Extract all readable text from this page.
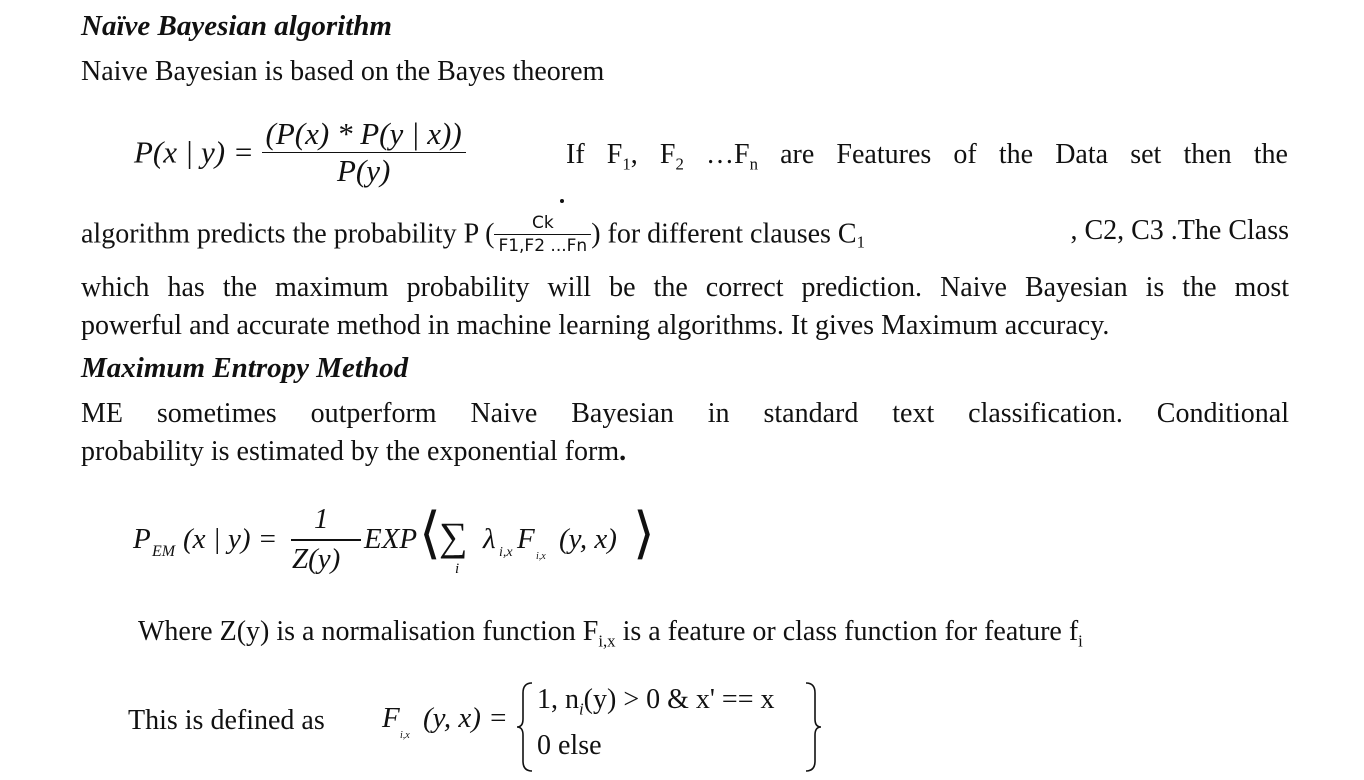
Naïve Bayesian algorithm
Naive Bayesian is based on the Bayes theorem
P(x | $y) = \frac{(P(x) * P(y | x))}{P(y)}$	If $F_1$, $F_2$ $\dots F_n$ are Features of the Data set then the
algorithm predicts the probability P ( $\frac{Ck}{F1,F2 ...Fn}$ ) for different clauses $C_1$	, C2, C3 .The Class
which has the maximum probability will be the correct prediction. Naive Bayesian is the most
powerful and accurate method in machine learning algorithms. It gives Maximum accuracy.
Maximum Entropy Method
ME sometimes outperform Naive Bayesian in standard text classification. Conditional
probability is estimated by the exponential form.
P EM (x | y) =
1
Z(y)
EXP ⟨
∑
i
λ i,x F
i,x
(y, x) ⟩
Where Z(y) is a normalisation function $F_{i,x}$ is a feature or class function for feature $f_i$
This is defined as F
i,x
(y, x) =
1, $n_i(y) > 0$ & x' == x
0 else
